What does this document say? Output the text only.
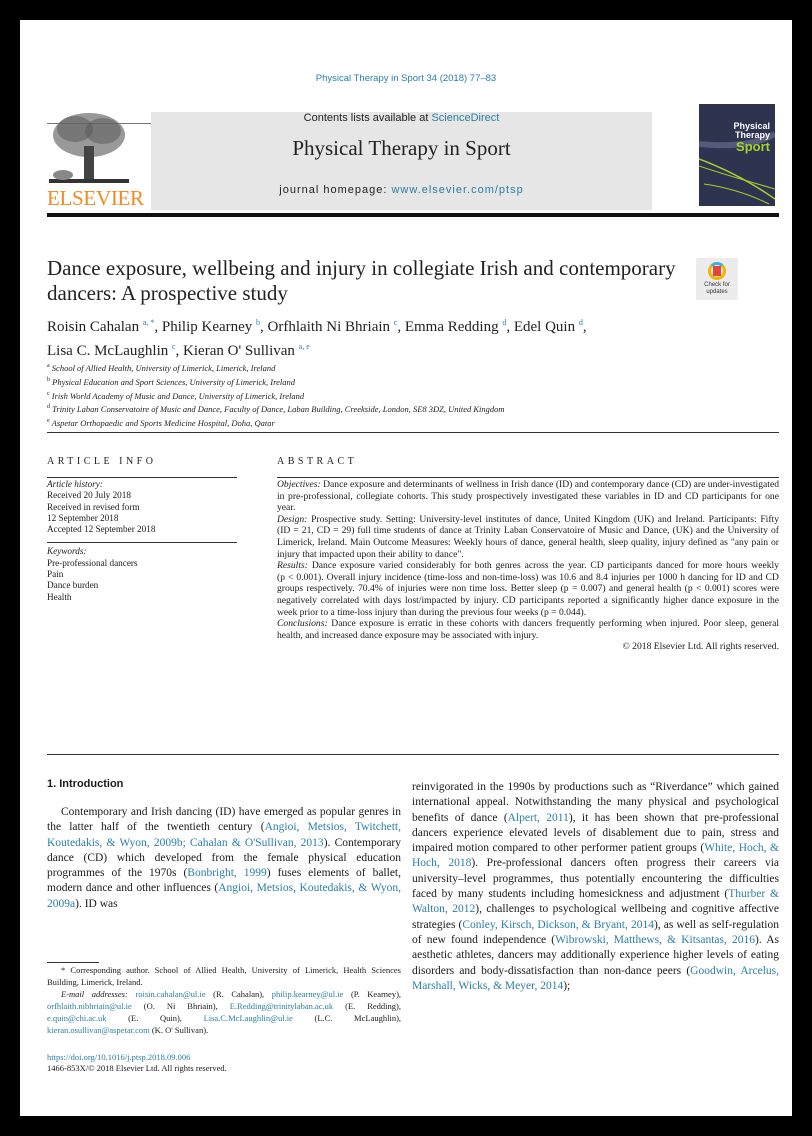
Physical Therapy in Sport 34 (2018) 77–83
ELSEVIER
Contents lists available at ScienceDirect
Physical Therapy in Sport
journal homepage: www.elsevier.com/ptsp
Physical
Therapy
Sport
Dance exposure, wellbeing and injury in collegiate Irish and contemporary dancers: A prospective study	Check for updates
Roisin Cahalan $^{a, *}$, Philip Kearney $^b$, Orfhlaith Ni Bhriain $^c$, Emma Redding $^d$, Edel Quin $^d$,
Lisa C. McLaughlin $^c$, Kieran O' Sullivan $^{a, e}$
$^a$ School of Allied Health, University of Limerick, Limerick, Ireland
$^b$ Physical Education and Sport Sciences, University of Limerick, Ireland
$^c$ Irish World Academy of Music and Dance, University of Limerick, Ireland
$^d$ Trinity Laban Conservatoire of Music and Dance, Faculty of Dance, Laban Building, Creekside, London, SE8 3DZ, United Kingdom
$^e$ Aspetar Orthopaedic and Sports Medicine Hospital, Doha, Qatar
ARTICLE INFO	ABSTRACT
Article history:
Received 20 July 2018
Received in revised form
12 September 2018
Accepted 12 September 2018
Keywords:
Pre-professional dancers
Pain
Dance burden
Health

Objectives: Dance exposure and determinants of wellness in Irish dance (ID) and contemporary dance (CD) are under-investigated in pre-professional, collegiate cohorts. This study prospectively investigated these variables in ID and CD participants for one year.

Design: Prospective study. Setting: University-level institutes of dance, United Kingdom (UK) and Ireland. Participants: Fifty (ID = 21, CD = 29) full time students of dance at Trinity Laban Conservatoire of Music and Dance, (UK) and the University of Limerick, Ireland. Main Outcome Measures: Weekly hours of dance, general health, sleep quality, injury defined as "any pain or injury that impacted upon their ability to dance".

Results: Dance exposure varied considerably for both genres across the year. CD participants danced for more hours weekly (p < 0.001). Overall injury incidence (time-loss and non-time-loss) was 10.6 and 8.4 injuries per 1000 h dancing for ID and CD groups respectively. 70.4% of injuries were non time loss. Better sleep (p = 0.007) and general health (p < 0.001) scores were negatively correlated with days lost/impacted by injury. CD participants reported a significantly higher dance exposure in the week prior to a time-loss injury than during the previous four weeks (p = 0.044).

Conclusions: Dance exposure is erratic in these cohorts with dancers frequently performing when injured. Poor sleep, general health, and increased dance exposure may be associated with injury.

© 2018 Elsevier Ltd. All rights reserved.

1. Introduction
Contemporary and Irish dancing (ID) have emerged as popular genres in the latter half of the twentieth century (Angioi, Metsios, Twitchett, Koutedakis, & Wyon, 2009b; Cahalan & O'Sullivan, 2013). Contemporary dance (CD) which developed from the female physical education programmes of the 1970s (Bonbright, 1999) fuses elements of ballet, modern dance and other influences (Angioi, Metsios, Koutedakis, & Wyon, 2009a). ID was
reinvigorated in the 1990s by productions such as “Riverdance” which gained international appeal. Notwithstanding the many physical and psychological benefits of dance (Alpert, 2011), it has been shown that pre-professional dancers experience elevated levels of disablement due to pain, stress and impaired motion compared to other performer patient groups (White, Hoch, & Hoch, 2018). Pre-professional dancers often progress their careers via university–level programmes, thus potentially encountering the difficulties faced by many students including homesickness and adjustment (Thurber & Walton, 2012), challenges to psychological wellbeing and cognitive affective strategies (Conley, Kirsch, Dickson, & Bryant, 2014), as well as self-regulation of new found independence (Wibrowski, Matthews, & Kitsantas, 2016). As aesthetic athletes, dancers may additionally experience higher levels of eating disorders and body-dissatisfaction than non-dance peers (Goodwin, Arcelus, Marshall, Wicks, & Meyer, 2014);

* Corresponding author. School of Allied Health, University of Limerick, Health Sciences Building, Limerick, Ireland.

E-mail addresses: roisin.cahalan@ul.ie (R. Cahalan), philip.kearney@ul.ie (P. Kearney), orfhlaith.nibhriain@ul.ie (O. Ni Bhriain), E.Redding@trinitylaban.ac.uk (E. Redding), e.quin@chi.ac.uk	(E. Quin), Lisa.C.McLaughlin@ul.ie	(L.C. McLaughlin), kieran.osullivan@aspetar.com (K. O' Sullivan).

https://doi.org/10.1016/j.ptsp.2018.09.006
1466-853X/© 2018 Elsevier Ltd. All rights reserved.
